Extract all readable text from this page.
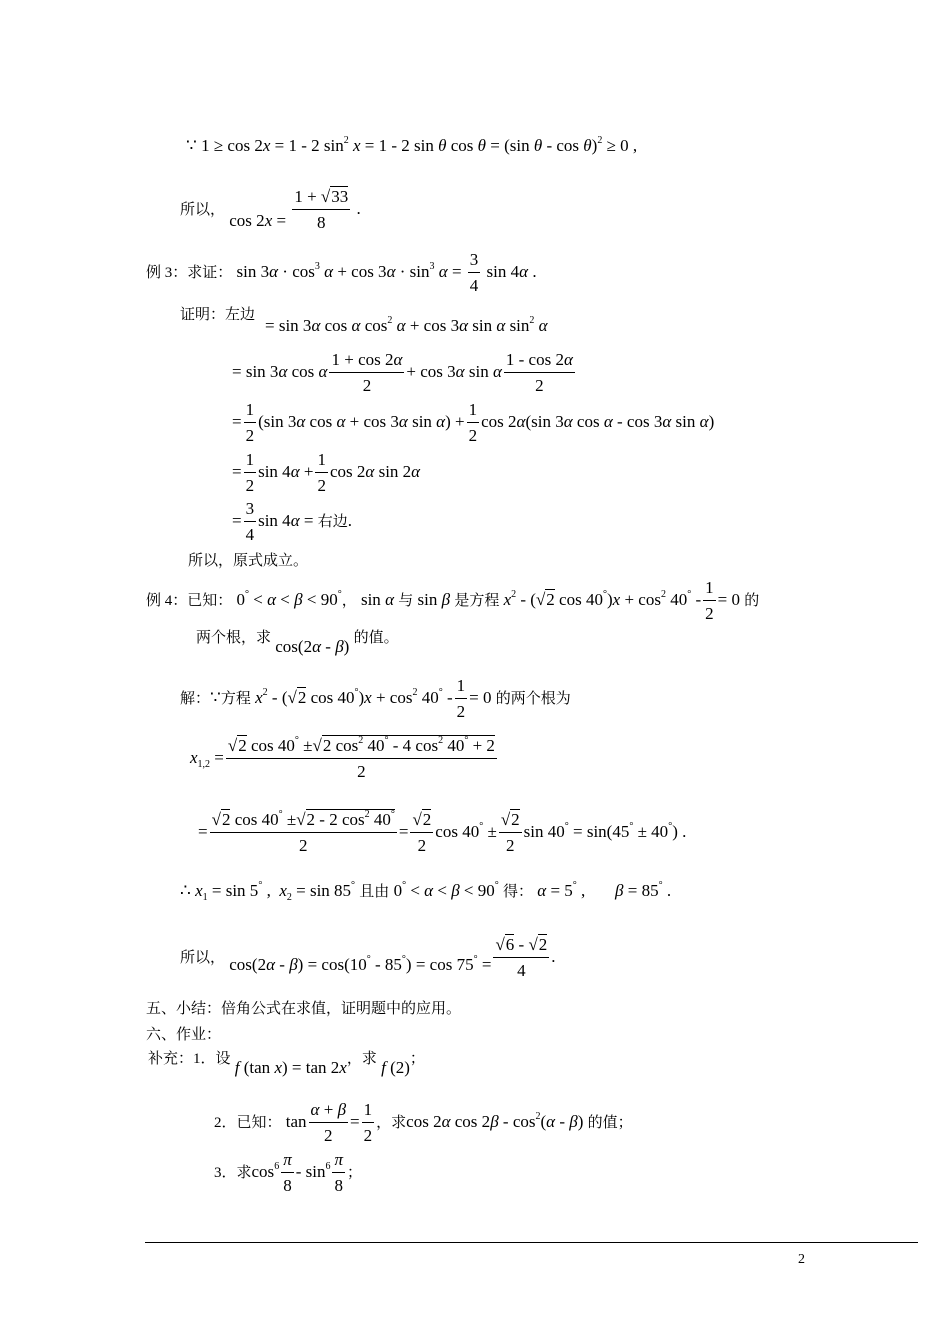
∵ 1 ≥ cos 2x = 1 - 2 $\sin^2 x = 1 - 2$ sin θ cos θ = (sin θ - cos θ)$^2$ ≥ 0 ,
所以， $\cos 2x = \frac{1 + √33}{8}$ .
例 3：求证： $\sin 3\alpha \cdot \cos^3 \alpha + \cos 3\alpha \cdot \sin^3 \alpha = \frac{3}{4}$ sin 4α .
证明：左边
= sin 3α cos α $\cos^2 \alpha + \cos 3\alpha$ sin α $\sin^2 \alpha$
= sin 3α cos α $\frac{1 + \cos 2\alpha}{2} + \cos 3\alpha$ sin α $\frac{1 - \cos 2\alpha}{2}$
= $\frac{1}{2} (\sin$ 3α cos α + cos 3α $\sin \alpha) + \frac{1}{2}$ cos 2α(sin 3α cos α - cos 3α sin α)
= $\frac{1}{2}$ $\sin 4\alpha + \frac{1}{2}$ cos 2α sin 2α
= $\frac{3}{4}$ sin 4α = 右边.
所以，原式成立。
例 4：已知： 0° < α < β < 90°， sin α 与 sin β 是方程 $x^2 - (√2$ $\cos 40^\circ)x + \cos^2 40^\circ - \frac{1}{2} = 0$ 的
两个根，求 cos(2α - β) 的值。
解：∵方程 $x^2 - (√2$ $\cos 40^\circ)x + \cos^2 40^\circ - \frac{1}{2} = 0$ 的两个根为
$x_{1,2} = \frac{√2 \cos 40^\circ \pm√2 \cos^2 40^\circ - 4 \cos^2 40^\circ + 2}{2}$
= $\frac{√2 \cos 40^\circ \pm√2 - 2 \cos^2 40^\circ}{2} = \frac{√2}{2}$ $\cos 40^\circ \pm \frac{√2}{2}$ sin 40° = sin(45° ± 40°) .
∴ $x_1 = \sin 5^\circ$ ,  $x_2 = \sin 85^\circ$ 且由 0° < α < β < 90° 得： α = 5° ,       β = 85° .
所以， $\cos(2\alpha - \beta) = \cos(10^\circ - 85^\circ) = \cos 75^\circ = \frac{√6 - √2}{4}$ .
五、小结：倍角公式在求值，证明题中的应用。
六、作业：
补充：1．设 f (tan x) = tan 2x，求 f (2)；
2．已知： $\tan \frac{\alpha + \beta}{2} = \frac{1}{2}$ ，求cos 2α $\cos 2\beta - \cos^2(\alpha - \beta)$ 的值；
3．求$\cos^6 \frac{\pi}{8} - \sin^6 \frac{\pi}{8}$ ；
2
